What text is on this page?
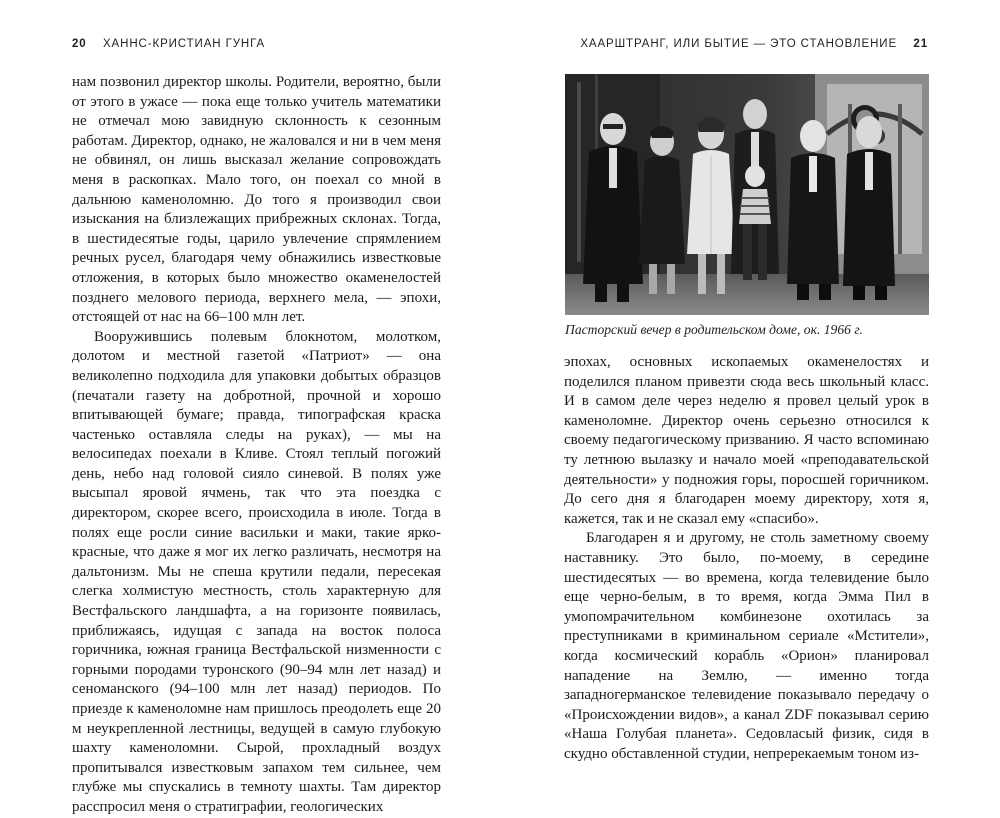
20 ХАННС-КРИСТИАН ГУНГА

нам позвонил директор школы. Родители, вероятно, были от этого в ужасе — пока еще только учитель математики не отмечал мою завидную склонность к сезонным работам. Директор, однако, не жаловался и ни в чем меня не обвинял, он лишь высказал желание сопровождать меня в раскопках. Мало того, он поехал со мной в дальнюю каменоломню. До того я производил свои изыскания на близлежащих прибрежных склонах. Тогда, в шестидесятые годы, царило увлечение спрямлением речных русел, благодаря чему обнажились известковые отложения, в которых было множество окаменелостей позднего мелового периода, верхнего мела, — эпохи, отстоящей от нас на 66–100 млн лет.

Вооружившись полевым блокнотом, молотком, долотом и местной газетой «Патриот» — она великолепно подходила для упаковки добытых образцов (печатали газету на добротной, прочной и хорошо впитывающей бумаге; правда, типографская краска частенько оставляла следы на руках), — мы на велосипедах поехали в Кливе. Стоял теплый погожий день, небо над головой сияло синевой. В полях уже высыпал яровой ячмень, так что эта поездка с директором, скорее всего, происходила в июле. Тогда в полях еще росли синие васильки и маки, такие ярко-красные, что даже я мог их легко различать, несмотря на дальтонизм. Мы не спеша крутили педали, пересекая слегка холмистую местность, столь характерную для Вестфальского ландшафта, а на горизонте появилась, приближаясь, идущая с запада на восток полоса горичника, южная граница Вестфальской низменности с горными породами туронского (90–94 млн лет назад) и сеноманского (94–100 млн лет назад) периодов. По приезде к каменоломне нам пришлось преодолеть еще 20 м неукрепленной лестницы, ведущей в самую глубокую шахту каменоломни. Сырой, прохладный воздух пропитывался известковым запахом тем сильнее, чем глубже мы спускались в темноту шахты. Там директор расспросил меня о стратиграфии, геологических

ХААРШТРАНГ, ИЛИ БЫТИЕ — ЭТО СТАНОВЛЕНИЕ 21
Пасторский вечер в родительском доме, ок. 1966 г.

эпохах, основных ископаемых окаменелостях и поделился планом привезти сюда весь школьный класс. И в самом деле через неделю я провел целый урок в каменоломне. Директор очень серьезно относился к своему педагогическому призванию. Я часто вспоминаю ту летнюю вылазку и начало моей «преподавательской деятельности» у подножия горы, поросшей горичником. До сего дня я благодарен моему директору, хотя я, кажется, так и не сказал ему «спасибо».

Благодарен я и другому, не столь заметному своему наставнику. Это было, по-моему, в середине шестидесятых — во времена, когда телевидение было еще черно-белым, в то время, когда Эмма Пил в умопомрачительном комбинезоне охотилась за преступниками в криминальном сериале «Мстители», когда космический корабль «Орион» планировал нападение на Землю, — именно тогда западногерманское телевидение показывало передачу о «Происхождении видов», а канал ZDF показывал серию «Наша Голубая планета». Седовласый физик, сидя в скудно обставленной студии, непререкаемым тоном из-
